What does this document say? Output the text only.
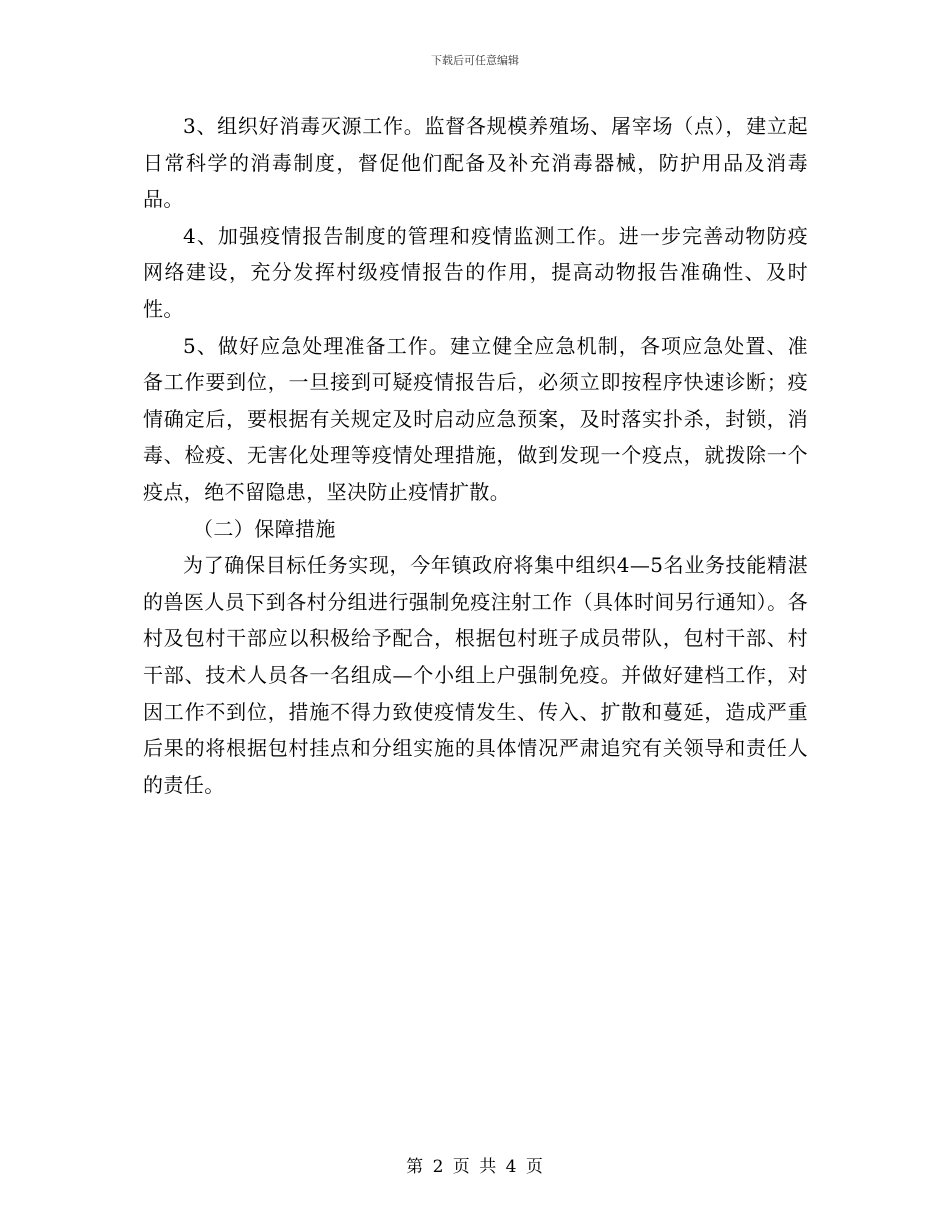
下载后可任意编辑

3、组织好消毒灭源工作。监督各规模养殖场、屠宰场（点），建立起日常科学的消毒制度，督促他们配备及补充消毒器械，防护用品及消毒品。

4、加强疫情报告制度的管理和疫情监测工作。进一步完善动物防疫网络建设，充分发挥村级疫情报告的作用，提高动物报告准确性、及时性。

5、做好应急处理准备工作。建立健全应急机制，各项应急处置、准备工作要到位，一旦接到可疑疫情报告后，必须立即按程序快速诊断；疫情确定后，要根据有关规定及时启动应急预案，及时落实扑杀，封锁，消毒、检疫、无害化处理等疫情处理措施，做到发现一个疫点，就拨除一个疫点，绝不留隐患，坚决防止疫情扩散。

（二）保障措施

为了确保目标任务实现，今年镇政府将集中组织4—5名业务技能精湛的兽医人员下到各村分组进行强制免疫注射工作（具体时间另行通知）。各村及包村干部应以积极给予配合，根据包村班子成员带队，包村干部、村干部、技术人员各一名组成—个小组上户强制免疫。并做好建档工作，对因工作不到位，措施不得力致使疫情发生、传入、扩散和蔓延，造成严重后果的将根据包村挂点和分组实施的具体情况严肃追究有关领导和责任人的责任。

第 2 页 共 4 页
